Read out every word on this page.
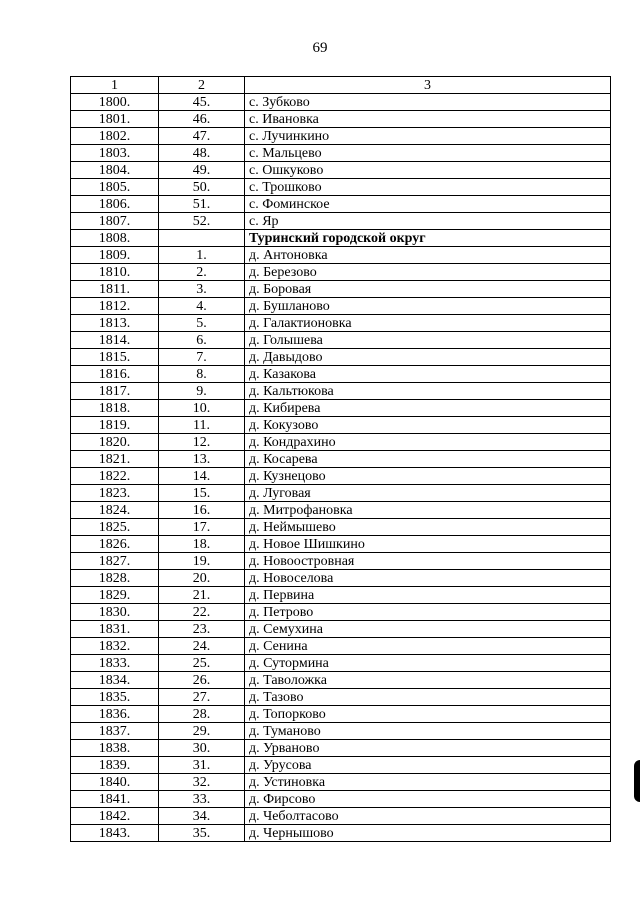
69
1	2	3
1800.	45.	с. Зубково
1801.	46.	с. Ивановка
1802.	47.	с. Лучинкино
1803.	48.	с. Мальцево
1804.	49.	с. Ошкуково
1805.	50.	с. Трошково
1806.	51.	с. Фоминское
1807.	52.	с. Яр
1808.		Туринский городской округ
1809.	1.	д. Антоновка
1810.	2.	д. Березово
1811.	3.	д. Боровая
1812.	4.	д. Бушланово
1813.	5.	д. Галактионовка
1814.	6.	д. Голышева
1815.	7.	д. Давыдово
1816.	8.	д. Казакова
1817.	9.	д. Кальтюкова
1818.	10.	д. Кибирева
1819.	11.	д. Кокузово
1820.	12.	д. Кондрахино
1821.	13.	д. Косарева
1822.	14.	д. Кузнецово
1823.	15.	д. Луговая
1824.	16.	д. Митрофановка
1825.	17.	д. Неймышево
1826.	18.	д. Новое Шишкино
1827.	19.	д. Новоостровная
1828.	20.	д. Новоселова
1829.	21.	д. Первина
1830.	22.	д. Петрово
1831.	23.	д. Семухина
1832.	24.	д. Сенина
1833.	25.	д. Сутормина
1834.	26.	д. Таволожка
1835.	27.	д. Тазово
1836.	28.	д. Топорково
1837.	29.	д. Туманово
1838.	30.	д. Урваново
1839.	31.	д. Урусова
1840.	32.	д. Устиновка
1841.	33.	д. Фирсово
1842.	34.	д. Чеболтасово
1843.	35.	д. Чернышово
